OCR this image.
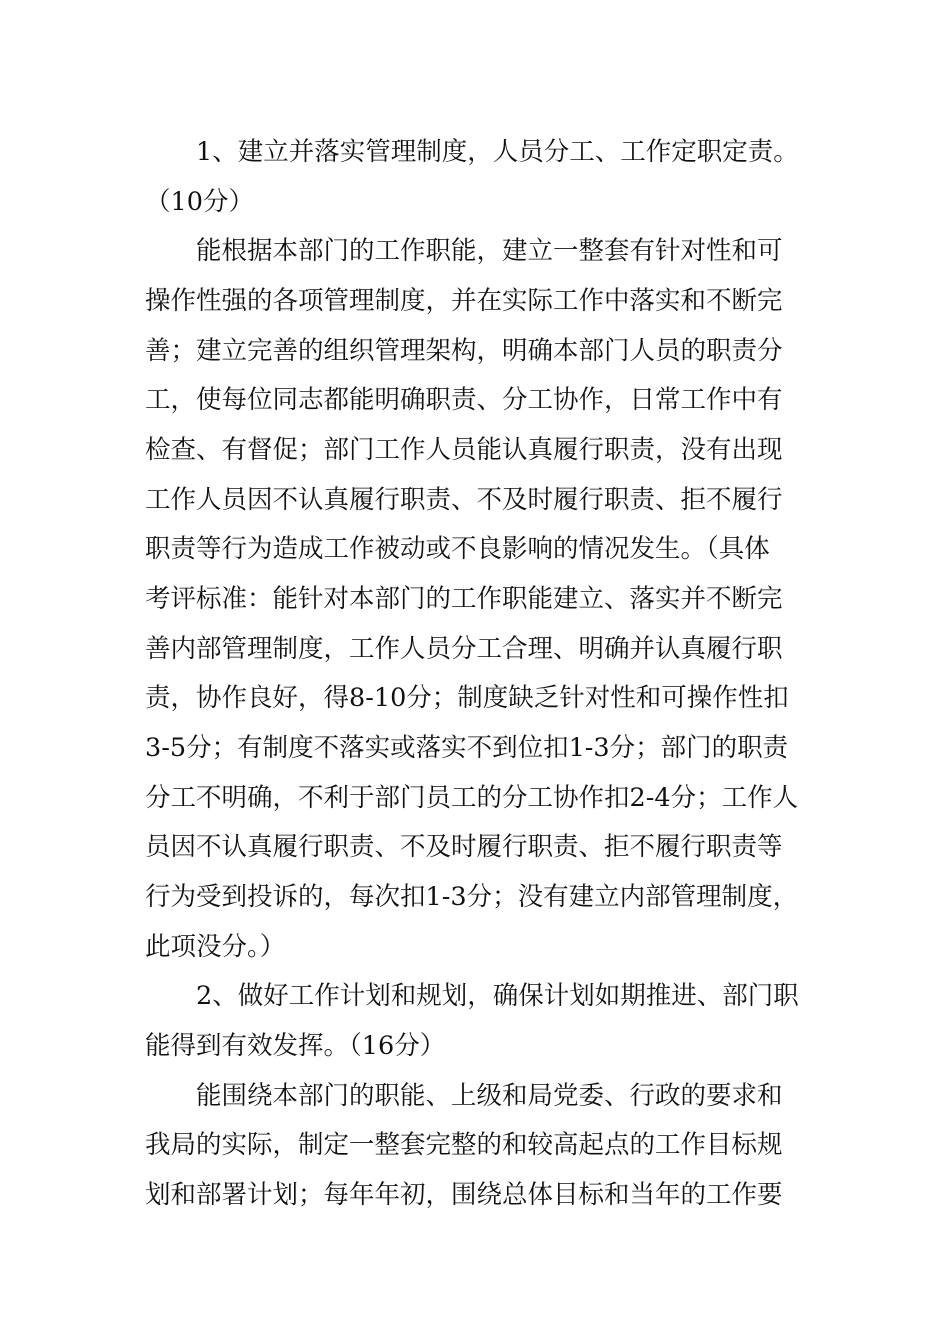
1、建立并落实管理制度，人员分工、工作定职定责。
（10分）
能根据本部门的工作职能，建立一整套有针对性和可
操作性强的各项管理制度，并在实际工作中落实和不断完
善；建立完善的组织管理架构，明确本部门人员的职责分
工，使每位同志都能明确职责、分工协作，日常工作中有
检查、有督促；部门工作人员能认真履行职责，没有出现
工作人员因不认真履行职责、不及时履行职责、拒不履行
职责等行为造成工作被动或不良影响的情况发生。（具体
考评标准：能针对本部门的工作职能建立、落实并不断完
善内部管理制度，工作人员分工合理、明确并认真履行职
责，协作良好，得8-10分；制度缺乏针对性和可操作性扣
3-5分；有制度不落实或落实不到位扣1-3分；部门的职责
分工不明确，不利于部门员工的分工协作扣2-4分；工作人
员因不认真履行职责、不及时履行职责、拒不履行职责等
行为受到投诉的，每次扣1-3分；没有建立内部管理制度，
此项没分。）
2、做好工作计划和规划，确保计划如期推进、部门职
能得到有效发挥。（16分）
能围绕本部门的职能、上级和局党委、行政的要求和
我局的实际，制定一整套完整的和较高起点的工作目标规
划和部署计划；每年年初，围绕总体目标和当年的工作要
